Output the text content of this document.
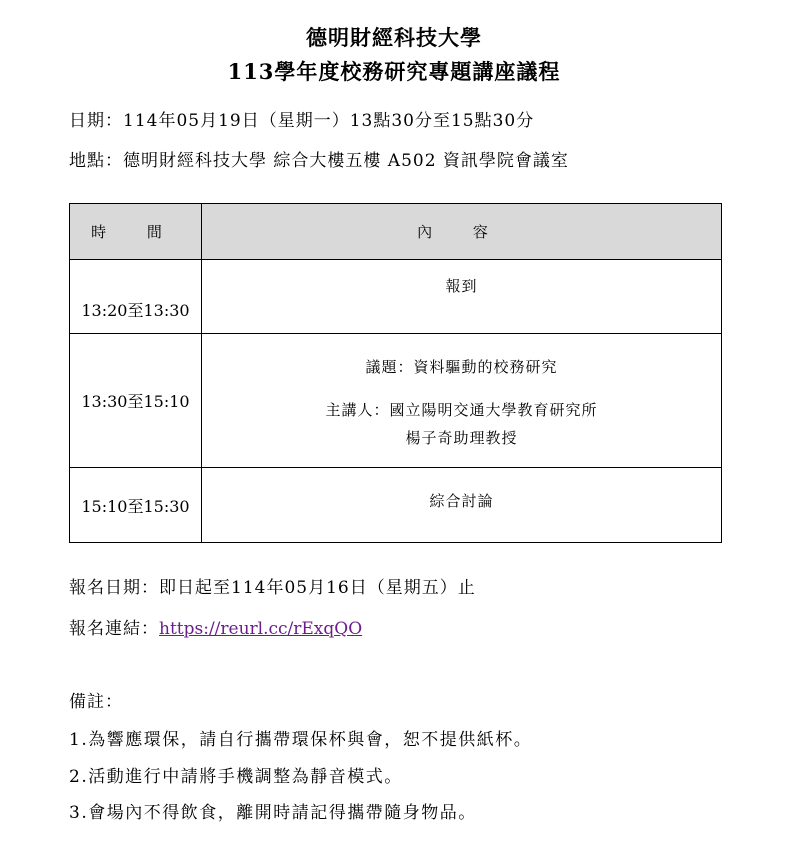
德明財經科技大學
113學年度校務研究專題講座議程
日期：114年05月19日（星期一）13點30分至15點30分
地點：德明財經科技大學 綜合大樓五樓 A502 資訊學院會議室
時 間	內 容
13:20至13:30	報到

13:30至15:10	議題：資料驅動的校務研究
主講人：國立陽明交通大學教育研究所
楊子奇助理教授

15:10至15:30	綜合討論
報名日期：即日起至114年05月16日（星期五）止
報名連結：https://reurl.cc/rExqQO
備註：
1.為響應環保，請自行攜帶環保杯與會，恕不提供紙杯。
2.活動進行中請將手機調整為靜音模式。
3.會場內不得飲食，離開時請記得攜帶隨身物品。
